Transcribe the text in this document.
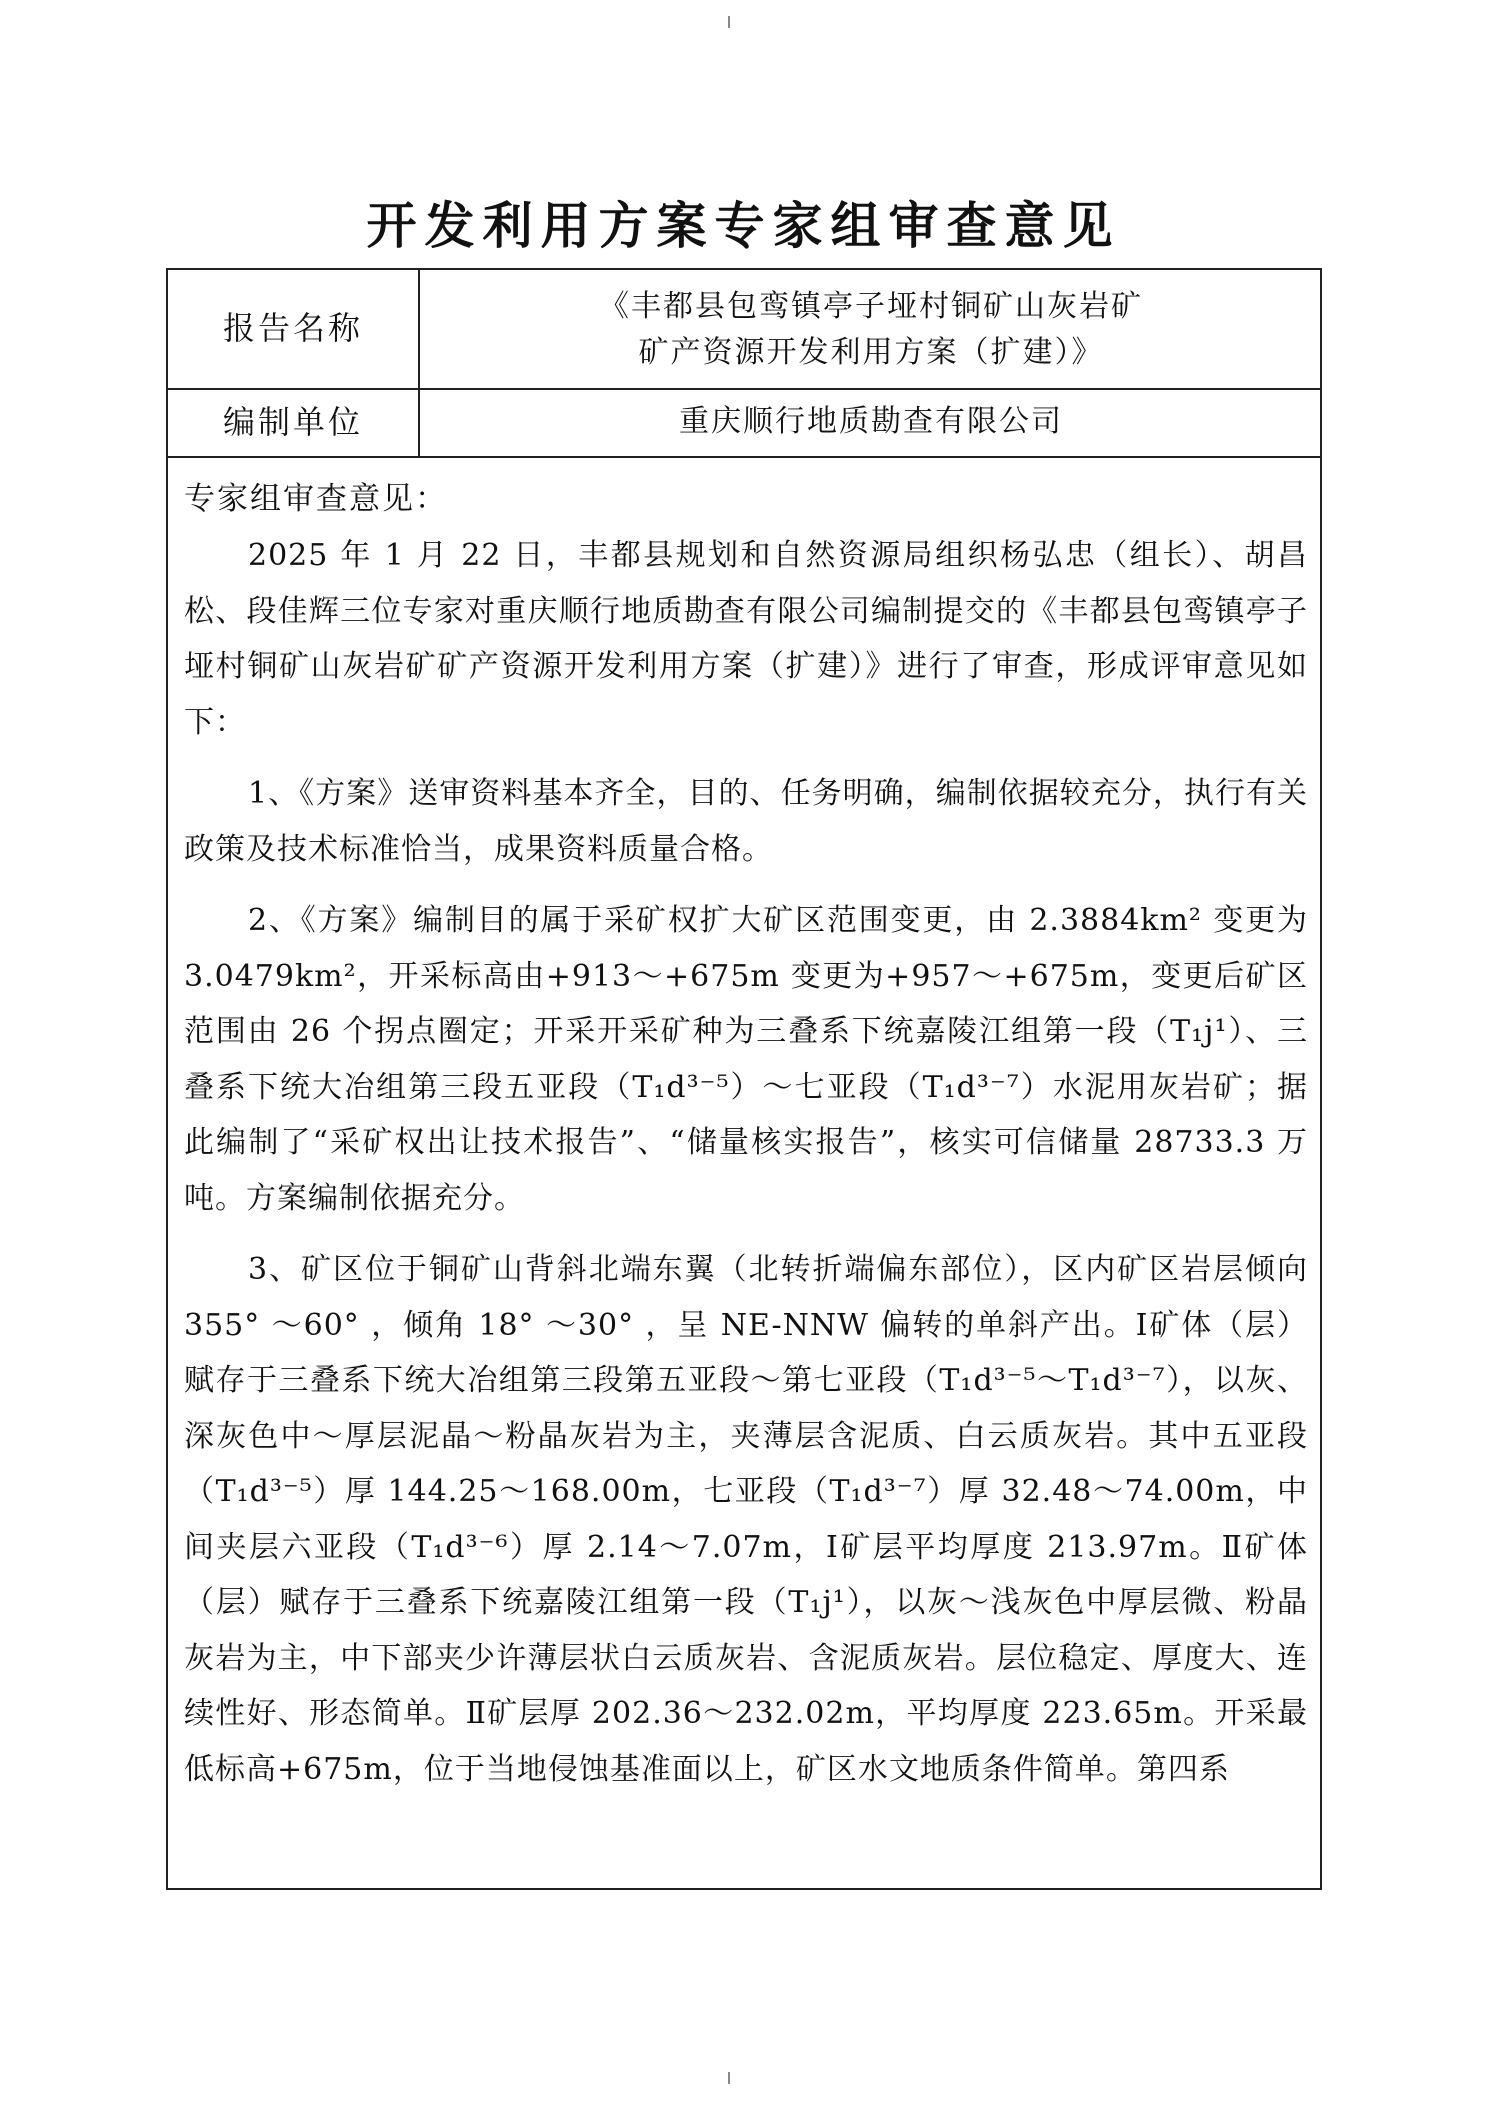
开发利用方案专家组审查意见
报告名称
《丰都县包鸾镇亭子垭村铜矿山灰岩矿
矿产资源开发利用方案（扩建）》
编制单位	重庆顺行地质勘查有限公司
专家组审查意见：

2025 年 1 月 22 日，丰都县规划和自然资源局组织杨弘忠（组长）、胡昌松、段佳辉三位专家对重庆顺行地质勘查有限公司编制提交的《丰都县包鸾镇亭子垭村铜矿山灰岩矿矿产资源开发利用方案（扩建）》进行了审查，形成评审意见如下：

1、《方案》送审资料基本齐全，目的、任务明确，编制依据较充分，执行有关政策及技术标准恰当，成果资料质量合格。

2、《方案》编制目的属于采矿权扩大矿区范围变更，由 2.3884km² 变更为 3.0479km²，开采标高由+913～+675m 变更为+957～+675m，变更后矿区范围由 26 个拐点圈定；开采开采矿种为三叠系下统嘉陵江组第一段（T₁j¹）、三叠系下统大冶组第三段五亚段（T₁d³⁻⁵）～七亚段（T₁d³⁻⁷）水泥用灰岩矿；据此编制了“采矿权出让技术报告”、“储量核实报告”，核实可信储量 28733.3 万吨。方案编制依据充分。

3、矿区位于铜矿山背斜北端东翼（北转折端偏东部位），区内矿区岩层倾向 355° ～60° ，倾角 18° ～30° ，呈 NE-NNW 偏转的单斜产出。Ⅰ矿体（层）赋存于三叠系下统大冶组第三段第五亚段～第七亚段（T₁d³⁻⁵～T₁d³⁻⁷），以灰、深灰色中～厚层泥晶～粉晶灰岩为主，夹薄层含泥质、白云质灰岩。其中五亚段（T₁d³⁻⁵）厚 144.25～168.00m，七亚段（T₁d³⁻⁷）厚 32.48～74.00m，中间夹层六亚段（T₁d³⁻⁶）厚 2.14～7.07m，Ⅰ矿层平均厚度 213.97m。Ⅱ矿体（层）赋存于三叠系下统嘉陵江组第一段（T₁j¹），以灰～浅灰色中厚层微、粉晶灰岩为主，中下部夹少许薄层状白云质灰岩、含泥质灰岩。层位稳定、厚度大、连续性好、形态简单。Ⅱ矿层厚 202.36～232.02m，平均厚度 223.65m。开采最低标高+675m，位于当地侵蚀基准面以上，矿区水文地质条件简单。第四系
